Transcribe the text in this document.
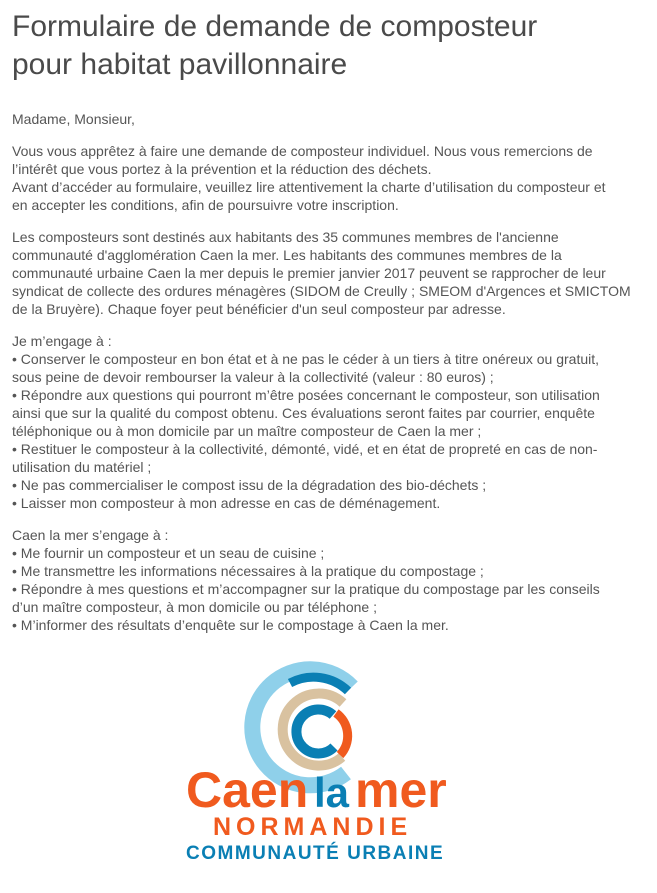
Formulaire de demande de composteur
pour habitat pavillonnaire

Madame, Monsieur,

Vous vous apprêtez à faire une demande de composteur individuel. Nous vous remercions de
l’intérêt que vous portez à la prévention et la réduction des déchets.
Avant d’accéder au formulaire, veuillez lire attentivement la charte d’utilisation du composteur et
en accepter les conditions, afin de poursuivre votre inscription.

Les composteurs sont destinés aux habitants des 35 communes membres de l'ancienne
communauté d'agglomération Caen la mer. Les habitants des communes membres de la
communauté urbaine Caen la mer depuis le premier janvier 2017 peuvent se rapprocher de leur
syndicat de collecte des ordures ménagères (SIDOM de Creully ; SMEOM d'Argences et SMICTOM
de la Bruyère). Chaque foyer peut bénéficier d'un seul composteur par adresse.

Je m’engage à :
• Conserver le composteur en bon état et à ne pas le céder à un tiers à titre onéreux ou gratuit,
sous peine de devoir rembourser la valeur à la collectivité (valeur : 80 euros) ;
• Répondre aux questions qui pourront m’être posées concernant le composteur, son utilisation
ainsi que sur la qualité du compost obtenu. Ces évaluations seront faites par courrier, enquête
téléphonique ou à mon domicile par un maître composteur de Caen la mer ;
• Restituer le composteur à la collectivité, démonté, vidé, et en état de propreté en cas de non-
utilisation du matériel ;
• Ne pas commercialiser le compost issu de la dégradation des bio-déchets ;
• Laisser mon composteur à mon adresse en cas de déménagement.

Caen la mer s’engage à :
• Me fournir un composteur et un seau de cuisine ;
• Me transmettre les informations nécessaires à la pratique du compostage ;
• Répondre à mes questions et m’accompagner sur la pratique du compostage par les conseils
d’un maître composteur, à mon domicile ou par téléphone ;
• M’informer des résultats d’enquête sur le compostage à Caen la mer.

Caen la mer
NORMANDIE
COMMUNAUTÉ URBAINE
